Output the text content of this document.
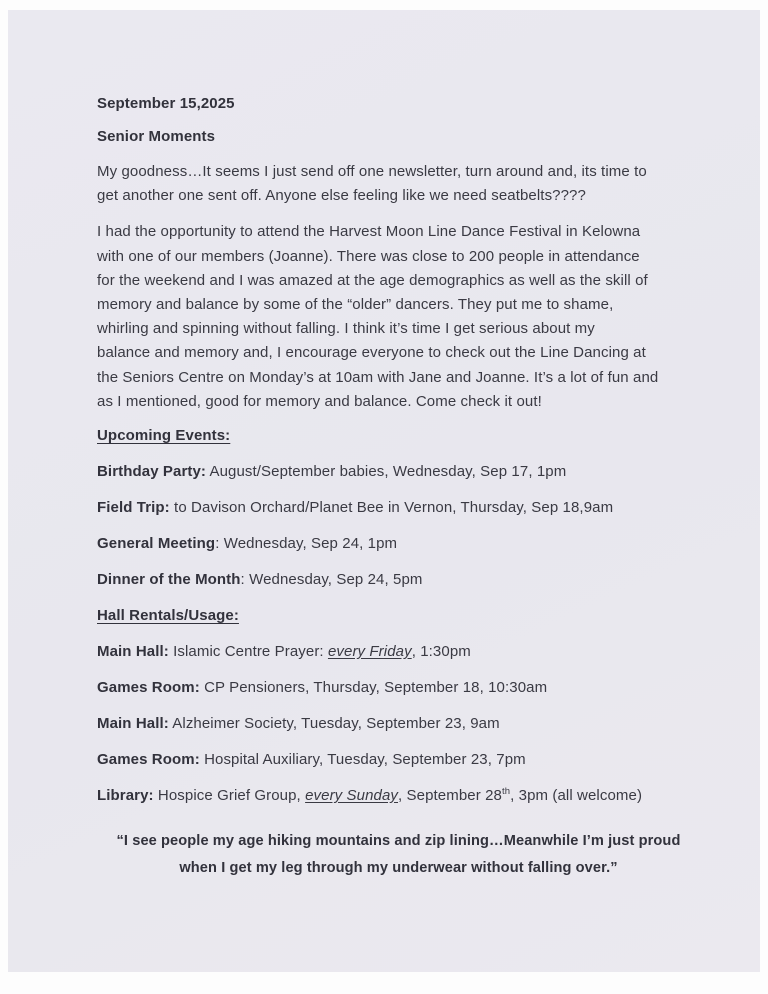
September 15,2025
Senior Moments
My goodness…It seems I just send off one newsletter, turn around and, its time to
get another one sent off. Anyone else feeling like we need seatbelts????
I had the opportunity to attend the Harvest Moon Line Dance Festival in Kelowna
with one of our members (Joanne). There was close to 200 people in attendance
for the weekend and I was amazed at the age demographics as well as the skill of
memory and balance by some of the “older” dancers. They put me to shame,
whirling and spinning without falling. I think it’s time I get serious about my
balance and memory and, I encourage everyone to check out the Line Dancing at
the Seniors Centre on Monday’s at 10am with Jane and Joanne. It’s a lot of fun and
as I mentioned, good for memory and balance. Come check it out!
Upcoming Events:
Birthday Party: August/September babies, Wednesday, Sep 17, 1pm
Field Trip: to Davison Orchard/Planet Bee in Vernon, Thursday, Sep 18,9am
General Meeting: Wednesday, Sep 24, 1pm
Dinner of the Month: Wednesday, Sep 24, 5pm
Hall Rentals/Usage:
Main Hall: Islamic Centre Prayer: every Friday, 1:30pm
Games Room: CP Pensioners, Thursday, September 18, 10:30am
Main Hall: Alzheimer Society, Tuesday, September 23, 9am
Games Room: Hospital Auxiliary, Tuesday, September 23, 7pm
Library: Hospice Grief Group, every Sunday, September 28th, 3pm (all welcome)
“I see people my age hiking mountains and zip lining…Meanwhile I’m just proud
when I get my leg through my underwear without falling over.”
